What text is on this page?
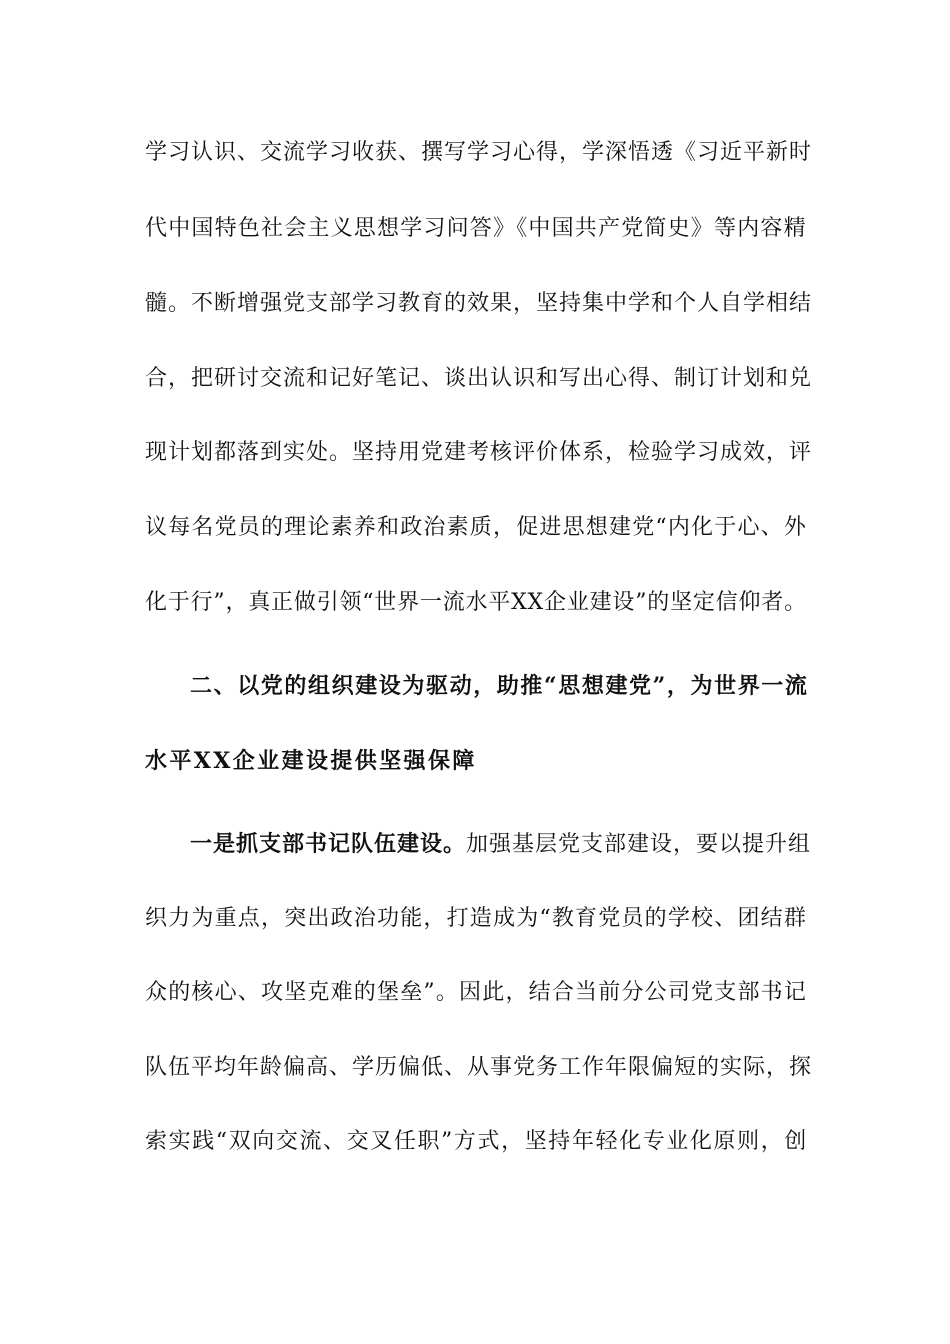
学习认识、交流学习收获、撰写学习心得，学深悟透《习近平新时
代中国特色社会主义思想学习问答》《中国共产党简史》等内容精
髓。不断增强党支部学习教育的效果，坚持集中学和个人自学相结
合，把研讨交流和记好笔记、谈出认识和写出心得、制订计划和兑
现计划都落到实处。坚持用党建考核评价体系，检验学习成效，评
议每名党员的理论素养和政治素质，促进思想建党“内化于心、外
化于行”，真正做引领“世界一流水平XX企业建设”的坚定信仰者。
二、以党的组织建设为驱动，助推“思想建党”，为世界一流
水平XX企业建设提供坚强保障
一是抓支部书记队伍建设。加强基层党支部建设，要以提升组
织力为重点，突出政治功能，打造成为“教育党员的学校、团结群
众的核心、攻坚克难的堡垒”。因此，结合当前分公司党支部书记
队伍平均年龄偏高、学历偏低、从事党务工作年限偏短的实际，探
索实践“双向交流、交叉任职”方式，坚持年轻化专业化原则，创
